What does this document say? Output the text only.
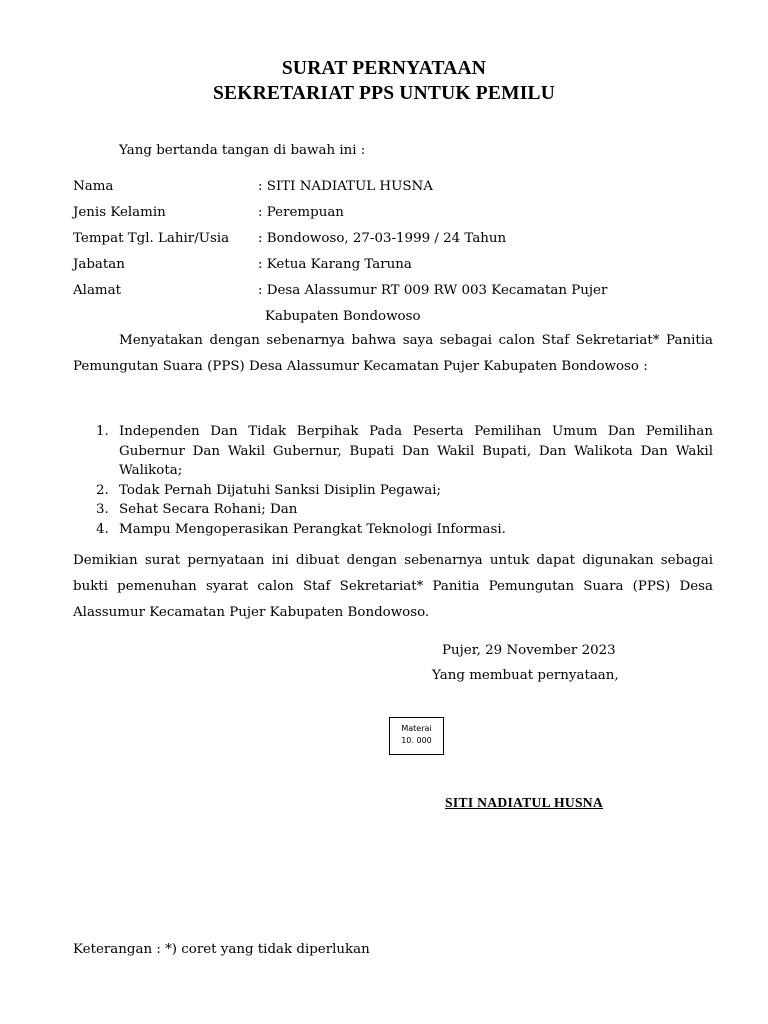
SURAT PERNYATAAN
SEKRETARIAT PPS UNTUK PEMILU
Yang bertanda tangan di bawah ini :
Nama	: SITI NADIATUL HUSNA
Jenis Kelamin	: Perempuan
Tempat Tgl. Lahir/Usia : Bondowoso, 27-03-1999 / 24 Tahun
Jabatan	: Ketua Karang Taruna
Alamat	: Desa Alassumur RT 009 RW 003 Kecamatan Pujer
Kabupaten Bondowoso
Menyatakan dengan sebenarnya bahwa saya sebagai calon Staf Sekretariat* Panitia Pemungutan Suara (PPS) Desa Alassumur Kecamatan Pujer Kabupaten Bondowoso :
1. Independen Dan Tidak Berpihak Pada Peserta Pemilihan Umum Dan Pemilihan Gubernur Dan Wakil Gubernur, Bupati Dan Wakil Bupati, Dan Walikota Dan Wakil Walikota;
2. Todak Pernah Dijatuhi Sanksi Disiplin Pegawai;
3. Sehat Secara Rohani; Dan
4. Mampu Mengoperasikan Perangkat Teknologi Informasi.
Demikian surat pernyataan ini dibuat dengan sebenarnya untuk dapat digunakan sebagai bukti pemenuhan syarat calon Staf Sekretariat* Panitia Pemungutan Suara (PPS) Desa Alassumur Kecamatan Pujer Kabupaten Bondowoso.
Pujer, 29 November 2023
Yang membuat pernyataan,
Materai
10. 000
SITI NADIATUL HUSNA
Keterangan : *) coret yang tidak diperlukan
